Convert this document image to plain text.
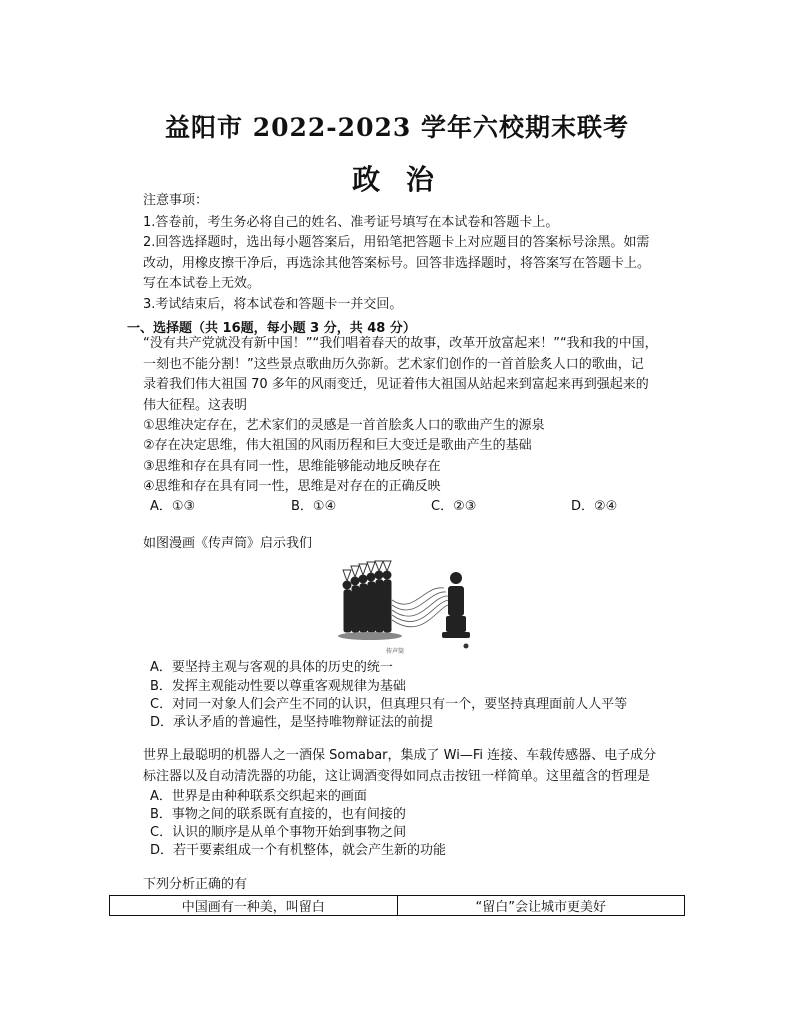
益阳市 2022-2023 学年六校期末联考
政 治
注意事项：
1.答卷前，考生务必将自己的姓名、准考证号填写在本试卷和答题卡上。
2.回答选择题时，选出每小题答案后，用铅笔把答题卡上对应题目的答案标号涂黑。如需
改动，用橡皮擦干净后，再选涂其他答案标号。回答非选择题时，将答案写在答题卡上。
写在本试卷上无效。
3.考试结束后，将本试卷和答题卡一并交回。
一、选择题（共 16题，每小题 3 分，共 48 分）
“没有共产党就没有新中国！”“我们唱着春天的故事，改革开放富起来！”“我和我的中国，
一刻也不能分割！”这些景点歌曲历久弥新。艺术家们创作的一首首脍炙人口的歌曲，记
录着我们伟大祖国 70 多年的风雨变迁，见证着伟大祖国从站起来到富起来再到强起来的
伟大征程。这表明
①思维决定存在，艺术家们的灵感是一首首脍炙人口的歌曲产生的源泉
②存在决定思维，伟大祖国的风雨历程和巨大变迁是歌曲产生的基础
③思维和存在具有同一性，思维能够能动地反映存在
④思维和存在具有同一性，思维是对存在的正确反映
A．①③	B．①④	C．②③	D．②④
如图漫画《传声筒》启示我们
传声筒
A．要坚持主观与客观的具体的历史的统一
B．发挥主观能动性要以尊重客观规律为基础
C．对同一对象人们会产生不同的认识，但真理只有一个，要坚持真理面前人人平等
D．承认矛盾的普遍性，是坚持唯物辩证法的前提
世界上最聪明的机器人之一酒保 Somabar，集成了 Wi—Fi 连接、车载传感器、电子成分
标注器以及自动清洗器的功能，这让调酒变得如同点击按钮一样简单。这里蕴含的哲理是
A．世界是由种种联系交织起来的画面
B．事物之间的联系既有直接的，也有间接的
C．认识的顺序是从单个事物开始到事物之间
D．若干要素组成一个有机整体，就会产生新的功能
下列分析正确的有
中国画有一种美，叫留白	“留白”会让城市更美好
